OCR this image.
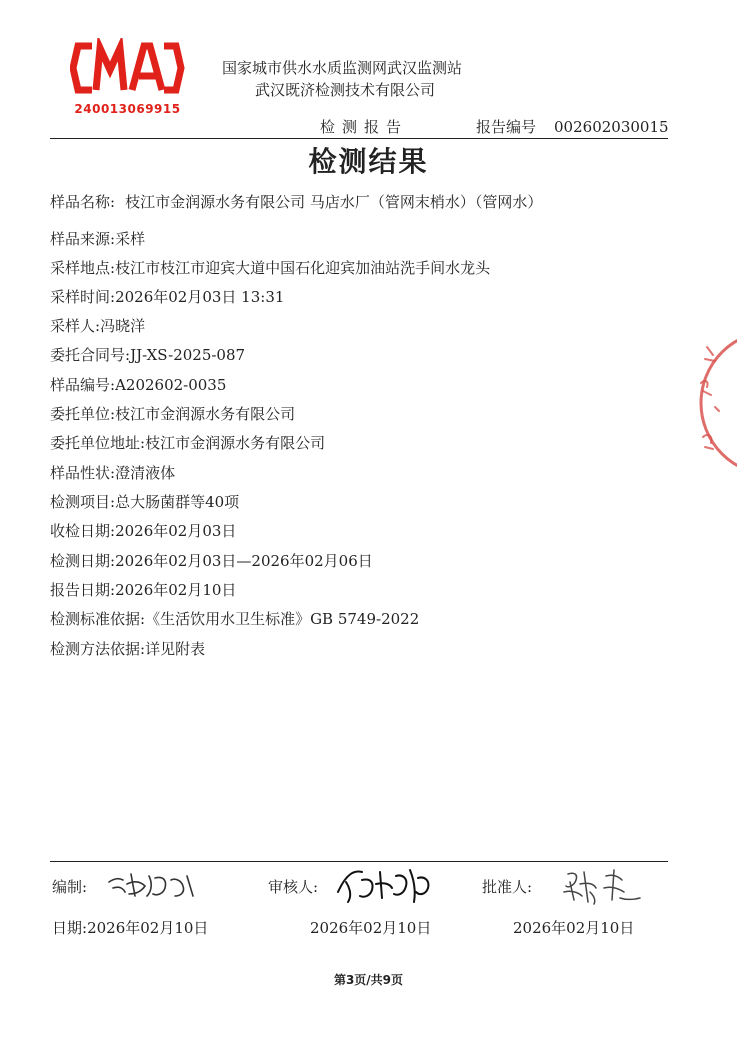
240013069915
国家城市供水水质监测网武汉监测站
武汉既济检测技术有限公司
检测报告	报告编号 002602030015
检测结果
样品名称: 枝江市金润源水务有限公司 马店水厂（管网末梢水）（管网水）
样品来源:采样
采样地点:枝江市枝江市迎宾大道中国石化迎宾加油站洗手间水龙头
采样时间:2026年02月03日 13:31
采样人:冯晓洋
委托合同号:JJ-XS-2025-087
样品编号:A202602-0035
委托单位:枝江市金润源水务有限公司
委托单位地址:枝江市金润源水务有限公司
样品性状:澄清液体
检测项目:总大肠菌群等40项
收检日期:2026年02月03日
检测日期:2026年02月03日—2026年02月06日
报告日期:2026年02月10日
检测标准依据:《生活饮用水卫生标准》GB 5749-2022
检测方法依据:详见附表
编制:	审核人:	批准人:
日期:2026年02月10日	2026年02月10日	2026年02月10日
第3页/共9页
